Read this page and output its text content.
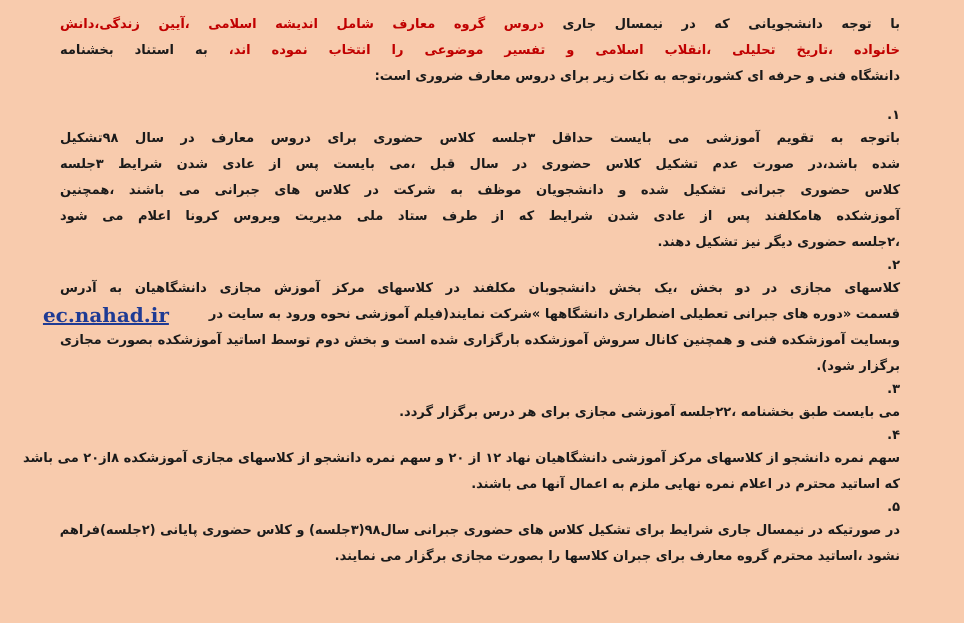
با توجه دانشجویانی که در نیمسال جاری دروس گروه معارف شامل اندیشه اسلامی ،آیین زندگی،دانش
خانواده ،تاریخ تحلیلی ،انقلاب اسلامی و تفسیر موضوعی را انتخاب نموده اند، به استناد بخشنامه
دانشگاه فنی و حرفه ای کشور،توجه به نکات زیر برای دروس معارف ضروری است:
.۱
باتوجه به تقویم آموزشی می بایست حداقل ۳جلسه کلاس حضوری برای دروس معارف در سال ۹۸تشکیل
شده باشد،در صورت عدم تشکیل کلاس حضوری در سال قبل ،می بایست پس از عادی شدن شرایط ۳جلسه
کلاس حضوری جبرانی تشکیل شده و دانشجویان موظف به شرکت در کلاس های جبرانی می باشند ،همچنین
آموزشکده هامکلفند پس از عادی شدن شرایط که از طرف ستاد ملی مدیریت ویروس کرونا اعلام می شود
،۲جلسه حضوری دیگر نیز تشکیل دهند.
.۲
کلاسهای مجازی در دو بخش ،یک بخش دانشجوبان مکلفند در کلاسهای مرکز آموزش مجازی دانشگاهیان به آدرس
قسمت «دوره های جبرانی تعطیلی اضطراری دانشگاهها »شرکت نمایند(فیلم آموزشی نحوه ورود به سایت در
ec.nahad.ir
وبسایت آموزشکده فنی و همچنین کانال سروش آموزشکده بارگزاری شده است و بخش دوم توسط اساتید آموزشکده بصورت مجازی
برگزار شود).
.۳
می بایست طبق بخشنامه ،۲۲جلسه آموزشی مجازی برای هر درس برگزار گردد.
.۴
سهم نمره دانشجو از کلاسهای مرکز آموزشی دانشگاهیان نهاد ۱۲ از ۲۰ و سهم نمره دانشجو از کلاسهای مجازی آموزشکده ۸از۲۰ می باشد
که اساتید محترم در اعلام نمره نهایی ملزم به اعمال آنها می باشند.
.۵
در صورتیکه در نیمسال جاری شرایط برای تشکیل کلاس های حضوری جبرانی سال۹۸(۳جلسه) و کلاس حضوری پایانی (۲جلسه)فراهم
نشود ،اساتید محترم گروه معارف برای جبران کلاسها را بصورت مجازی برگزار می نمایند.
